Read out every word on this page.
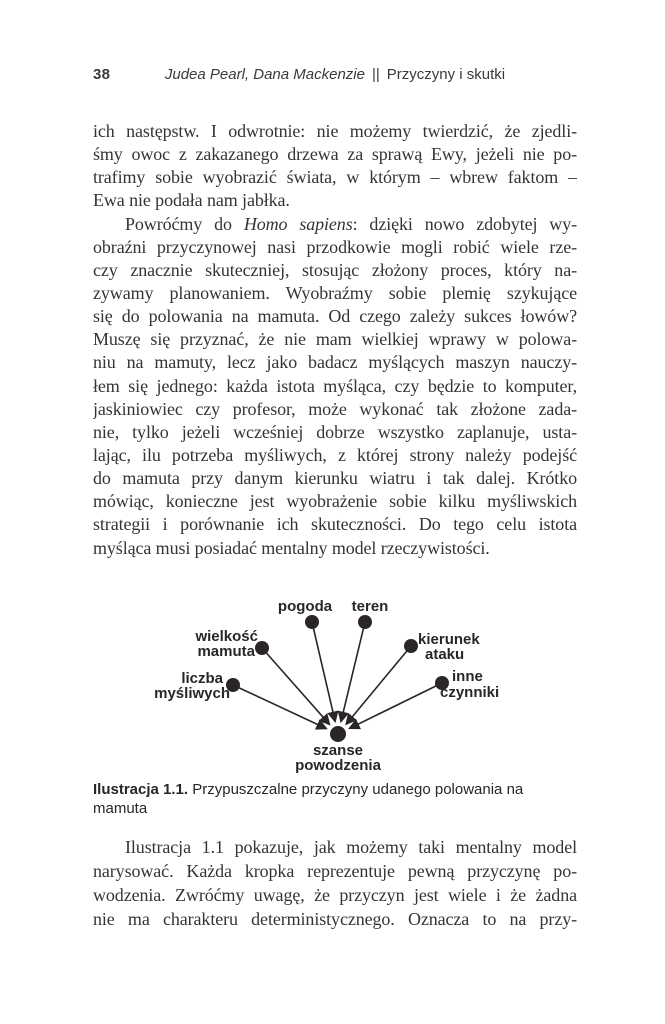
38	Judea Pearl, Dana Mackenzie || Przyczyny i skutki
ich następstw. I odwrotnie: nie możemy twierdzić, że zjedli-
śmy owoc z zakazanego drzewa za sprawą Ewy, jeżeli nie po-
trafimy sobie wyobrazić świata, w którym – wbrew faktom –
Ewa nie podała nam jabłka.
Powróćmy do Homo sapiens: dzięki nowo zdobytej wy-
obraźni przyczynowej nasi przodkowie mogli robić wiele rze-
czy znacznie skuteczniej, stosując złożony proces, który na-
zywamy planowaniem. Wyobraźmy sobie plemię szykujące
się do polowania na mamuta. Od czego zależy sukces łowów?
Muszę się przyznać, że nie mam wielkiej wprawy w polowa-
niu na mamuty, lecz jako badacz myślących maszyn nauczy-
łem się jednego: każda istota myśląca, czy będzie to komputer,
jaskiniowiec czy profesor, może wykonać tak złożone zada-
nie, tylko jeżeli wcześniej dobrze wszystko zaplanuje, usta-
lając, ilu potrzeba myśliwych, z której strony należy podejść
do mamuta przy danym kierunku wiatru i tak dalej. Krótko
mówiąc, konieczne jest wyobrażenie sobie kilku myśliwskich
strategii i porównanie ich skuteczności. Do tego celu istota
myśląca musi posiadać mentalny model rzeczywistości.
pogoda teren
wielkość
mamuta
kierunek
ataku
liczba
myśliwych
inne
czynniki
szanse
powodzenia
Ilustracja 1.1. Przypuszczalne przyczyny udanego polowania na mamuta
Ilustracja 1.1 pokazuje, jak możemy taki mentalny model
narysować. Każda kropka reprezentuje pewną przyczynę po-
wodzenia. Zwróćmy uwagę, że przyczyn jest wiele i że żadna
nie ma charakteru deterministycznego. Oznacza to na przy-
